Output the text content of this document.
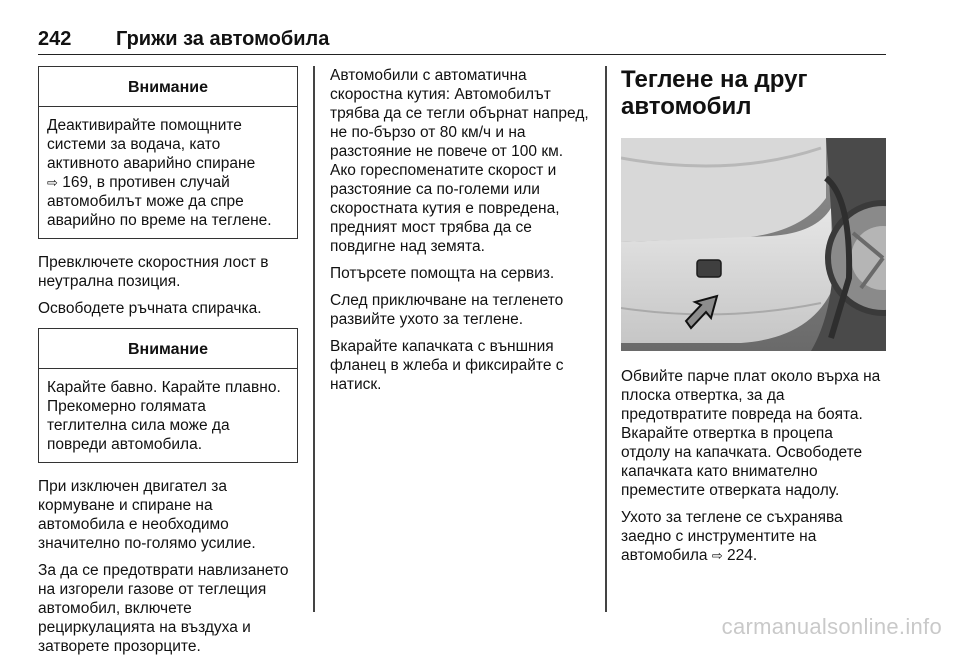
242 Грижи за автомобила
Внимание
Деактивирайте помощните
системи за водача, като
активното аварийно спиране
⇨ 169, в противен случай
автомобилът може да спре
аварийно по време на теглене.

Превключете скоростния лост в
неутрална позиция.

Освободете ръчната спирачка.

Внимание
Карайте бавно. Карайте плавно.
Прекомерно голямата
теглителна сила може да
повреди автомобила.

При изключен двигател за
кормуване и спиране на
автомобила е необходимо
значително по-голямо усилие.

За да се предотврати навлизането
на изгорели газове от теглещия
автомобил, включете
рециркулацията на въздуха и
затворете прозорците.

Автомобили с автоматична
скоростна кутия: Автомобилът
трябва да се тегли обърнат напред,
не по-бързо от 80 км/ч и на
разстояние не повече от 100 км.
Ако гореспоменатите скорост и
разстояние са по-големи или
скоростната кутия е повредена,
предният мост трябва да се
повдигне над земята.

Потърсете помощта на сервиз.

След приключване на тегленето
развийте ухото за теглене.

Вкарайте капачката с външния
фланец в жлеба и фиксирайте с
натиск.

Теглене на друг
автомобил

Обвийте парче плат около върха на
плоска отвертка, за да
предотвратите повреда на боята.
Вкарайте отвертка в процепа
отдолу на капачката. Освободете
капачката като внимателно
преместите отверката надолу.

Ухото за теглене се съхранява
заедно с инструментите на
автомобила ⇨ 224.

carmanualsonline.info
